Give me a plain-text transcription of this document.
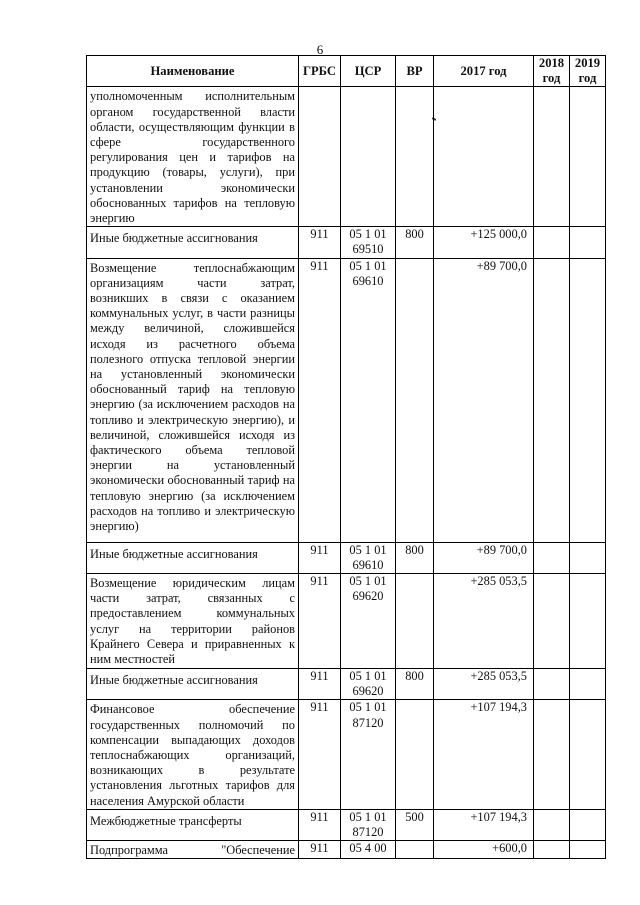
6
Наименование	ГРБС	ЦСР	ВР	2017 год	2018 год	2019 год
уполномоченным исполнительным органом государственной власти области, осуществляющим функции в сфере государственного регулирования цен и тарифов на продукцию (товары, услуги), при установлении экономически обоснованных тарифов на тепловую энергию						
Иные бюджетные ассигнования	911	05 1 01 69510	800	+125 000,0		
Возмещение теплоснабжающим организациям части затрат, возникших в связи с оказанием коммунальных услуг, в части разницы между величиной, сложившейся исходя из расчетного объема полезного отпуска тепловой энергии на установленный экономически обоснованный тариф на тепловую энергию (за исключением расходов на топливо и электрическую энергию), и величиной, сложившейся исходя из фактического объема тепловой энергии на установленный экономически обоснованный тариф на тепловую энергию (за исключением расходов на топливо и электрическую энергию)	911	05 1 01 69610		+89 700,0		
Иные бюджетные ассигнования	911	05 1 01 69610	800	+89 700,0		
Возмещение юридическим лицам части затрат, связанных с предоставлением коммунальных услуг на территории районов Крайнего Севера и приравненных к ним местностей	911	05 1 01 69620		+285 053,5		
Иные бюджетные ассигнования	911	05 1 01 69620	800	+285 053,5		
Финансовое обеспечение государственных полномочий по компенсации выпадающих доходов теплоснабжающих организаций, возникающих в результате установления льготных тарифов для населения Амурской области	911	05 1 01 87120		+107 194,3		
Межбюджетные трансферты	911	05 1 01 87120	500	+107 194,3		
Подпрограмма "Обеспечение	911	05 4 00		+600,0		
